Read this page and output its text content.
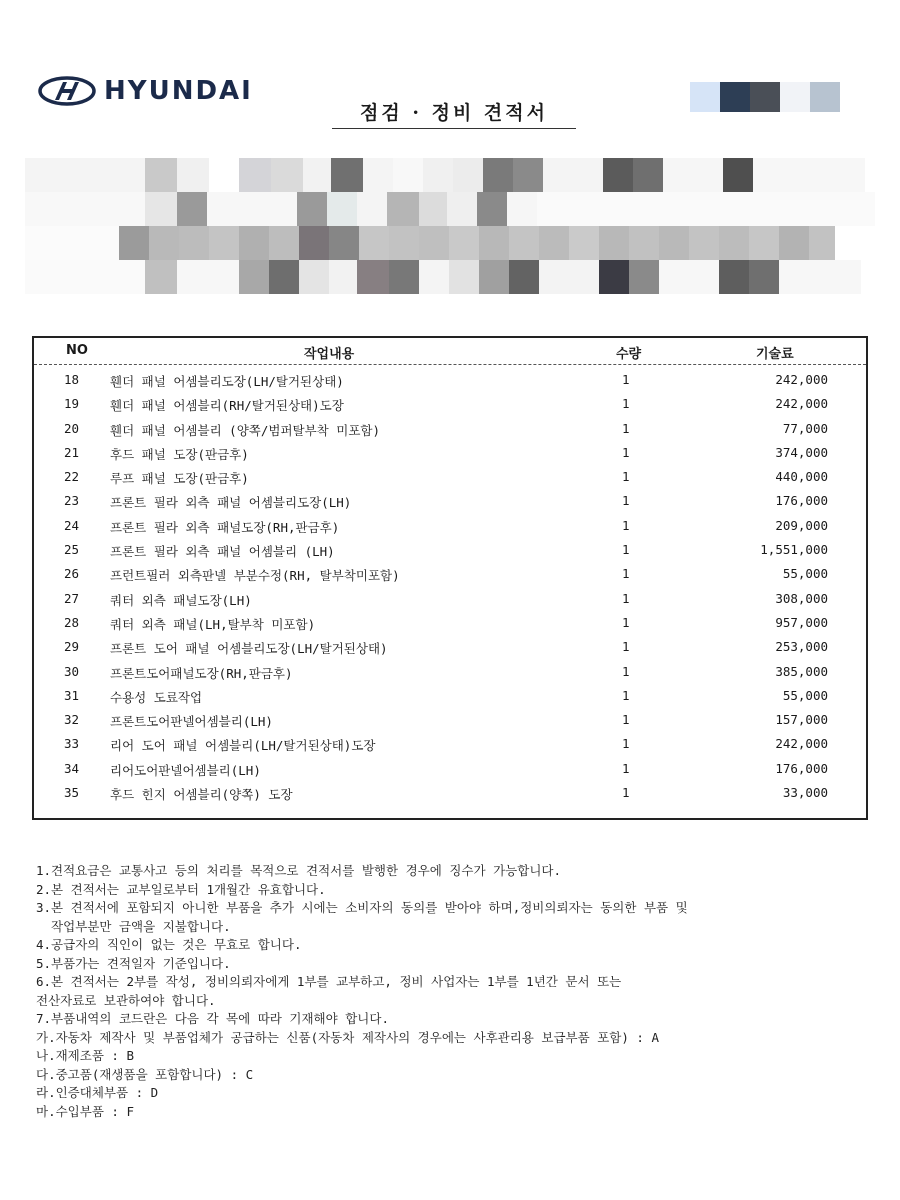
HYUNDAI
점검 · 정비 견적서
NO	작업내용	수량	기술료
18 휀더 패널 어셈블리도장(LH/탈거된상태)	1	242,000
19 휀더 패널 어셈블리(RH/탈거된상태)도장	1	242,000
20 휀더 패널 어셈블리 (양쪽/범퍼탈부착 미포함)	1	77,000
21 후드 패널 도장(판금후)	1	374,000
22 루프 패널 도장(판금후)	1	440,000
23 프론트 필라 외측 패널 어셈블리도장(LH)	1	176,000
24 프론트 필라 외측 패널도장(RH,판금후)	1	209,000
25 프론트 필라 외측 패널 어셈블리 (LH)	1	1,551,000
26 프런트필러 외측판넬 부분수정(RH, 탈부착미포함)	1	55,000
27 쿼터 외측 패널도장(LH)	1	308,000
28 쿼터 외측 패널(LH,탈부착 미포함)	1	957,000
29 프론트 도어 패널 어셈블리도장(LH/탈거된상태)	1	253,000
30 프론트도어패널도장(RH,판금후)	1	385,000
31 수용성 도료작업	1	55,000
32 프론트도어판넬어셈블리(LH)	1	157,000
33 리어 도어 패널 어셈블리(LH/탈거된상태)도장	1	242,000
34 리어도어판넬어셈블리(LH)	1	176,000
35 후드 힌지 어셈블리(양쪽) 도장	1	33,000
1.견적요금은 교통사고 등의 처리를 목적으로 견적서를 발행한 경우에 징수가 가능합니다.
2.본 견적서는 교부일로부터 1개월간 유효합니다.
3.본 견적서에 포함되지 아니한 부품을 추가 시에는 소비자의 동의를 받아야 하며,정비의뢰자는 동의한 부품 및
작업부분만 금액을 지불합니다.
4.공급자의 직인이 없는 것은 무효로 합니다.
5.부품가는 견적일자 기준입니다.
6.본 견적서는 2부를 작성, 정비의뢰자에게 1부를 교부하고, 정비 사업자는 1부를 1년간 문서 또는
전산자료로 보관하여야 합니다.
7.부품내역의 코드란은 다음 각 목에 따라 기재해야 합니다.
가.자동차 제작사 및 부품업체가 공급하는 신품(자동차 제작사의 경우에는 사후관리용 보급부품 포함) : A
나.재제조품 : B
다.중고품(재생품을 포함합니다) : C
라.인증대체부품 : D
마.수입부품 : F
